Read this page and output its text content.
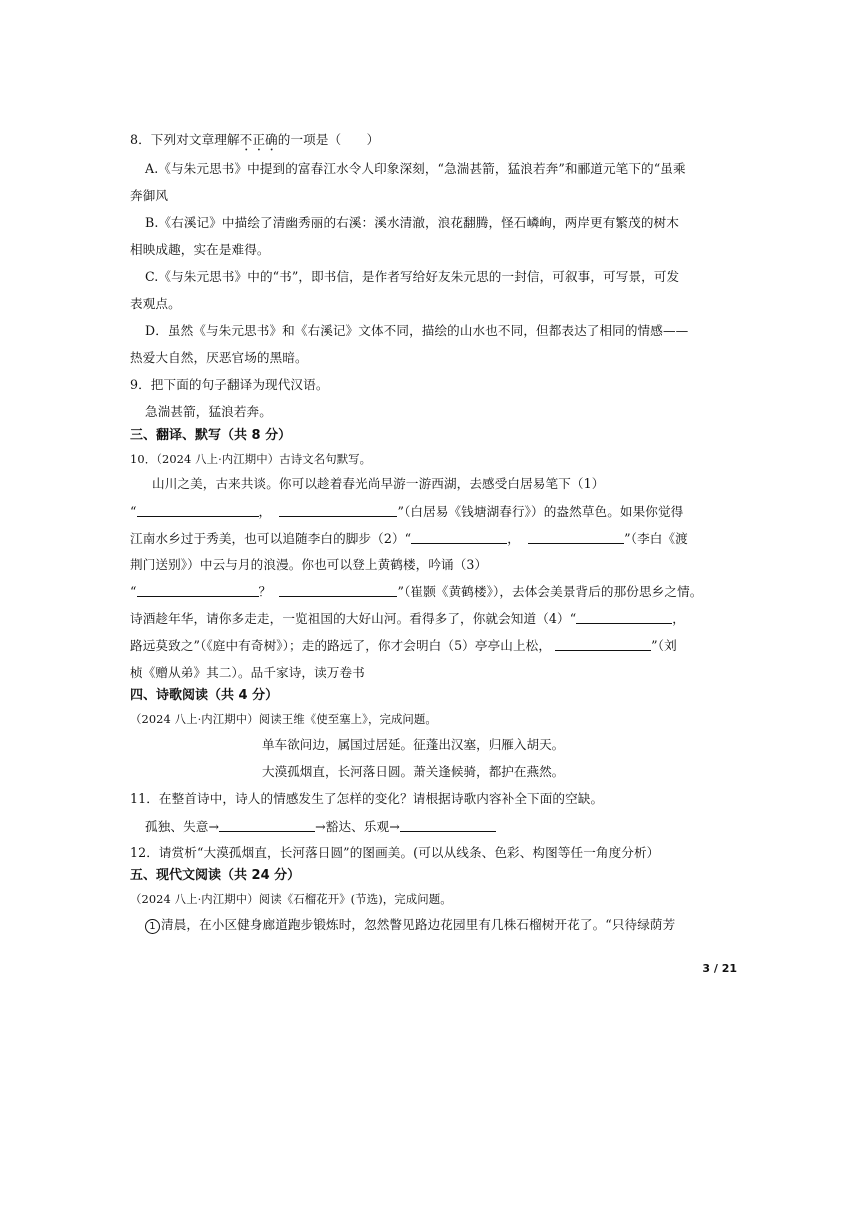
8．下列对文章理解不正确的一项是（　　）
A.《与朱元思书》中提到的富春江水令人印象深刻，“急湍甚箭，猛浪若奔”和郦道元笔下的“虽乘
奔御风
B.《右溪记》中描绘了清幽秀丽的右溪：溪水清澈，浪花翻腾，怪石嶙峋，两岸更有繁茂的树木
相映成趣，实在是难得。
C.《与朱元思书》中的“书”，即书信，是作者写给好友朱元思的一封信，可叙事，可写景，可发
表观点。
D．虽然《与朱元思书》和《右溪记》文体不同，描绘的山水也不同，但都表达了相同的情感——
热爱大自然，厌恶官场的黑暗。
9．把下面的句子翻译为现代汉语。
急湍甚箭，猛浪若奔。
三、翻译、默写（共 8 分）
10．（2024 八上·内江期中）古诗文名句默写。
山川之美，古来共谈。你可以趁着春光尚早游一游西湖，去感受白居易笔下（1）
“	，	”（白居易《钱塘湖春行》）的盎然草色。如果你觉得
江南水乡过于秀美，也可以追随李白的脚步（2）“	，	”（李白《渡
荆门送别》）中云与月的浪漫。你也可以登上黄鹤楼，吟诵（3）
“	？	”（崔颢《黄鹤楼》），去体会美景背后的那份思乡之情。
诗酒趁年华，请你多走走，一览祖国的大好山河。看得多了，你就会知道（4）“	，
路远莫致之”（《庭中有奇树》）；走的路远了，你才会明白（5）亭亭山上松，	”（刘
桢《赠从弟》其二）。品千家诗，读万卷书
四、诗歌阅读（共 4 分）
（2024 八上·内江期中）阅读王维《使至塞上》，完成问题。
单车欲问边，属国过居延。征蓬出汉塞，归雁入胡天。
大漠孤烟直，长河落日圆。萧关逢候骑，都护在燕然。
11．在整首诗中，诗人的情感发生了怎样的变化？请根据诗歌内容补全下面的空缺。
孤独、失意→	→豁达、乐观→
12．请赏析“大漠孤烟直，长河落日圆”的图画美。(可以从线条、色彩、构图等任一角度分析）
五、现代文阅读（共 24 分）
（2024 八上·内江期中）阅读《石榴花开》(节选)，完成问题。
1 清晨，在小区健身廊道跑步锻炼时，忽然瞥见路边花园里有几株石榴树开花了。“只待绿荫芳
3 / 21
